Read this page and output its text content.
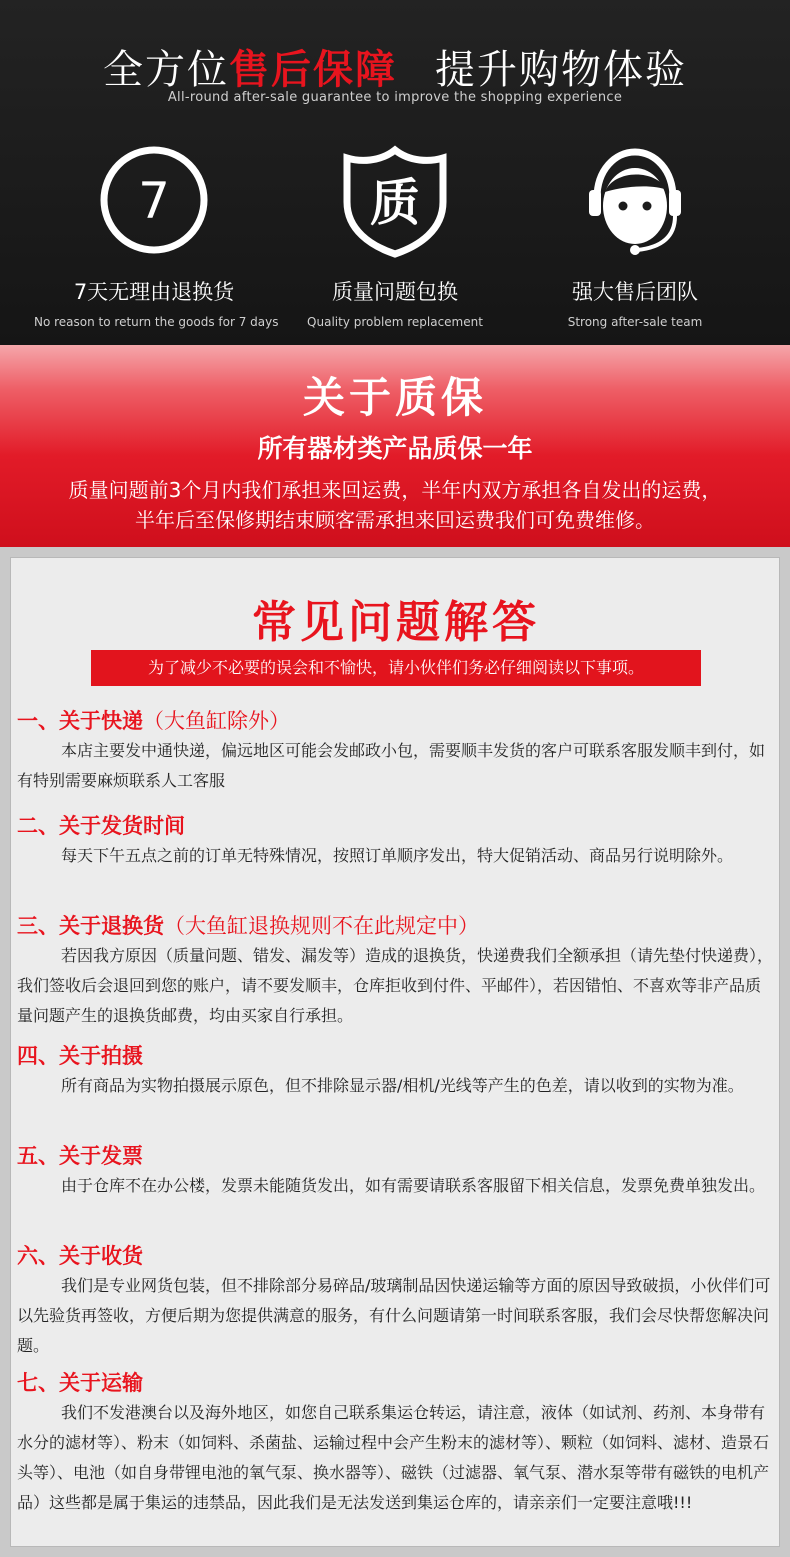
全方位售后保障 提升购物体验
All-round after-sale guarantee to improve the shopping experience
7
7天无理由退换货
No reason to return the goods for 7 days
质
质量问题包换
Quality problem replacement
强大售后团队
Strong after-sale team
关于质保
所有器材类产品质保一年
质量问题前3个月内我们承担来回运费，半年内双方承担各自发出的运费，
半年后至保修期结束顾客需承担来回运费我们可免费维修。
常见问题解答
为了减少不必要的误会和不愉快，请小伙伴们务必仔细阅读以下事项。
一、关于快递（大鱼缸除外）
本店主要发中通快递，偏远地区可能会发邮政小包，需要顺丰发货的客户可联系客服发顺丰到付，如有特别需要麻烦联系人工客服
二、关于发货时间
每天下午五点之前的订单无特殊情况，按照订单顺序发出，特大促销活动、商品另行说明除外。
三、关于退换货（大鱼缸退换规则不在此规定中）
若因我方原因（质量问题、错发、漏发等）造成的退换货，快递费我们全额承担（请先垫付快递费），我们签收后会退回到您的账户，请不要发顺丰，仓库拒收到付件、平邮件），若因错怕、不喜欢等非产品质量问题产生的退换货邮费，均由买家自行承担。
四、关于拍摄
所有商品为实物拍摄展示原色，但不排除显示器/相机/光线等产生的色差，请以收到的实物为准。
五、关于发票
由于仓库不在办公楼，发票未能随货发出，如有需要请联系客服留下相关信息，发票免费单独发出。
六、关于收货
我们是专业网货包装，但不排除部分易碎品/玻璃制品因快递运输等方面的原因导致破损，小伙伴们可以先验货再签收，方便后期为您提供满意的服务，有什么问题请第一时间联系客服，我们会尽快帮您解决问题。
七、关于运输
我们不发港澳台以及海外地区，如您自己联系集运仓转运，请注意，液体（如试剂、药剂、本身带有水分的滤材等）、粉末（如饲料、杀菌盐、运输过程中会产生粉末的滤材等）、颗粒（如饲料、滤材、造景石头等）、电池（如自身带锂电池的氧气泵、换水器等）、磁铁（过滤器、氧气泵、潜水泵等带有磁铁的电机产品）这些都是属于集运的违禁品，因此我们是无法发送到集运仓库的，请亲亲们一定要注意哦!!!
